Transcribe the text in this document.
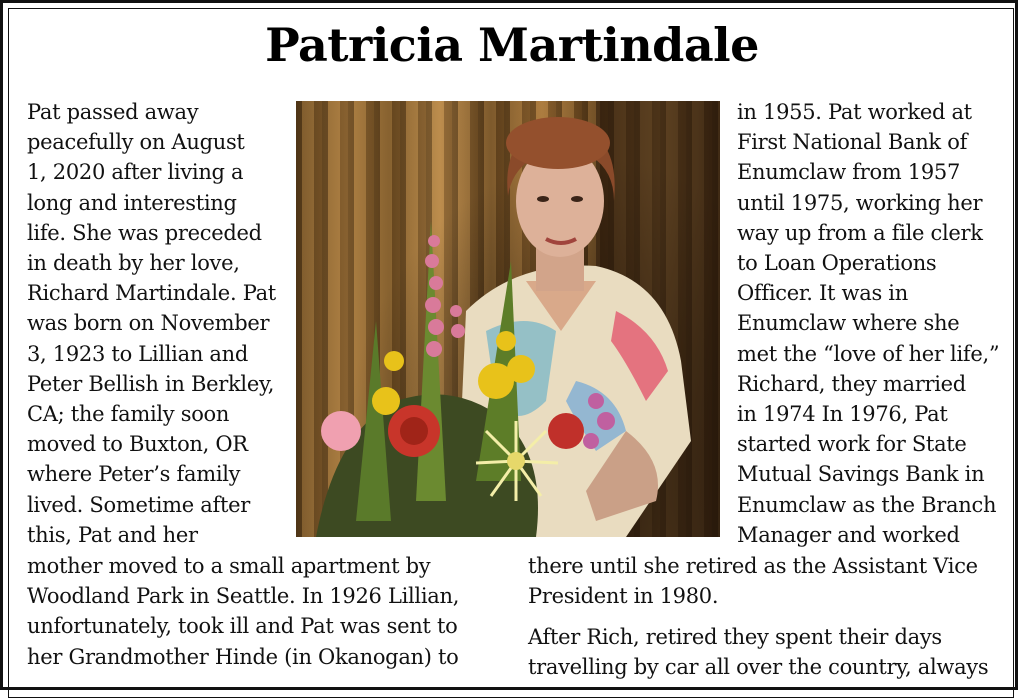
Patricia Martindale
Pat passed away
peacefully on August
1, 2020 after living a
long and interesting
life. She was preceded
in death by her love,
Richard Martindale. Pat
was born on November
3, 1923 to Lillian and
Peter Bellish in Berkley,
CA; the family soon
moved to Buxton, OR
where Peter’s family
lived. Sometime after
this, Pat and her
mother moved to a small apartment by
Woodland Park in Seattle. In 1926 Lillian,
unfortunately, took ill and Pat was sent to
her Grandmother Hinde (in Okanogan) to
in 1955. Pat worked at
First National Bank of
Enumclaw from 1957
until 1975, working her
way up from a file clerk
to Loan Operations
Officer. It was in
Enumclaw where she
met the “love of her life,”
Richard, they married
in 1974 In 1976, Pat
started work for State
Mutual Savings Bank in
Enumclaw as the Branch
Manager and worked
there until she retired as the Assistant Vice
President in 1980.
After Rich, retired they spent their days
travelling by car all over the country, always
